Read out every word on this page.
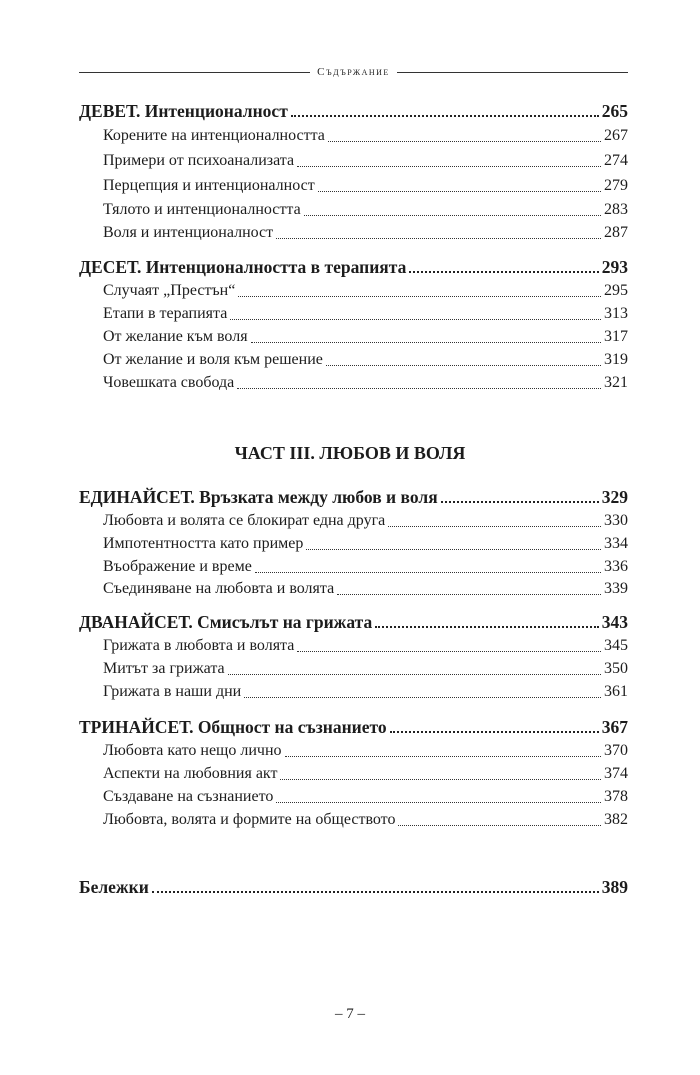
Съдържание
ДЕВЕТ. Интенционалност	265
Корените на интенционалността	267
Примери от психоанализата	274
Перцепция и интенционалност	279
Тялото и интенционалността	283
Воля и интенционалност	287
ДЕСЕТ. Интенционалността в терапията	293
Случаят „Престън“	295
Етапи в терапията	313
От желание към воля	317
От желание и воля към решение	319
Човешката свобода	321
ЧАСТ III. ЛЮБОВ И ВОЛЯ
ЕДИНАЙСЕТ. Връзката между любов и воля	329
Любовта и волята се блокират една друга	330
Импотентността като пример	334
Въображение и време	336
Съединяване на любовта и волята	339
ДВАНАЙСЕТ. Смисълът на грижата	343
Грижата в любовта и волята	345
Митът за грижата	350
Грижата в наши дни	361
ТРИНАЙСЕТ. Общност на съзнанието	367
Любовта като нещо лично	370
Аспекти на любовния акт	374
Създаване на съзнанието	378
Любовта, волята и формите на обществото	382
Бележки	389
– 7 –
